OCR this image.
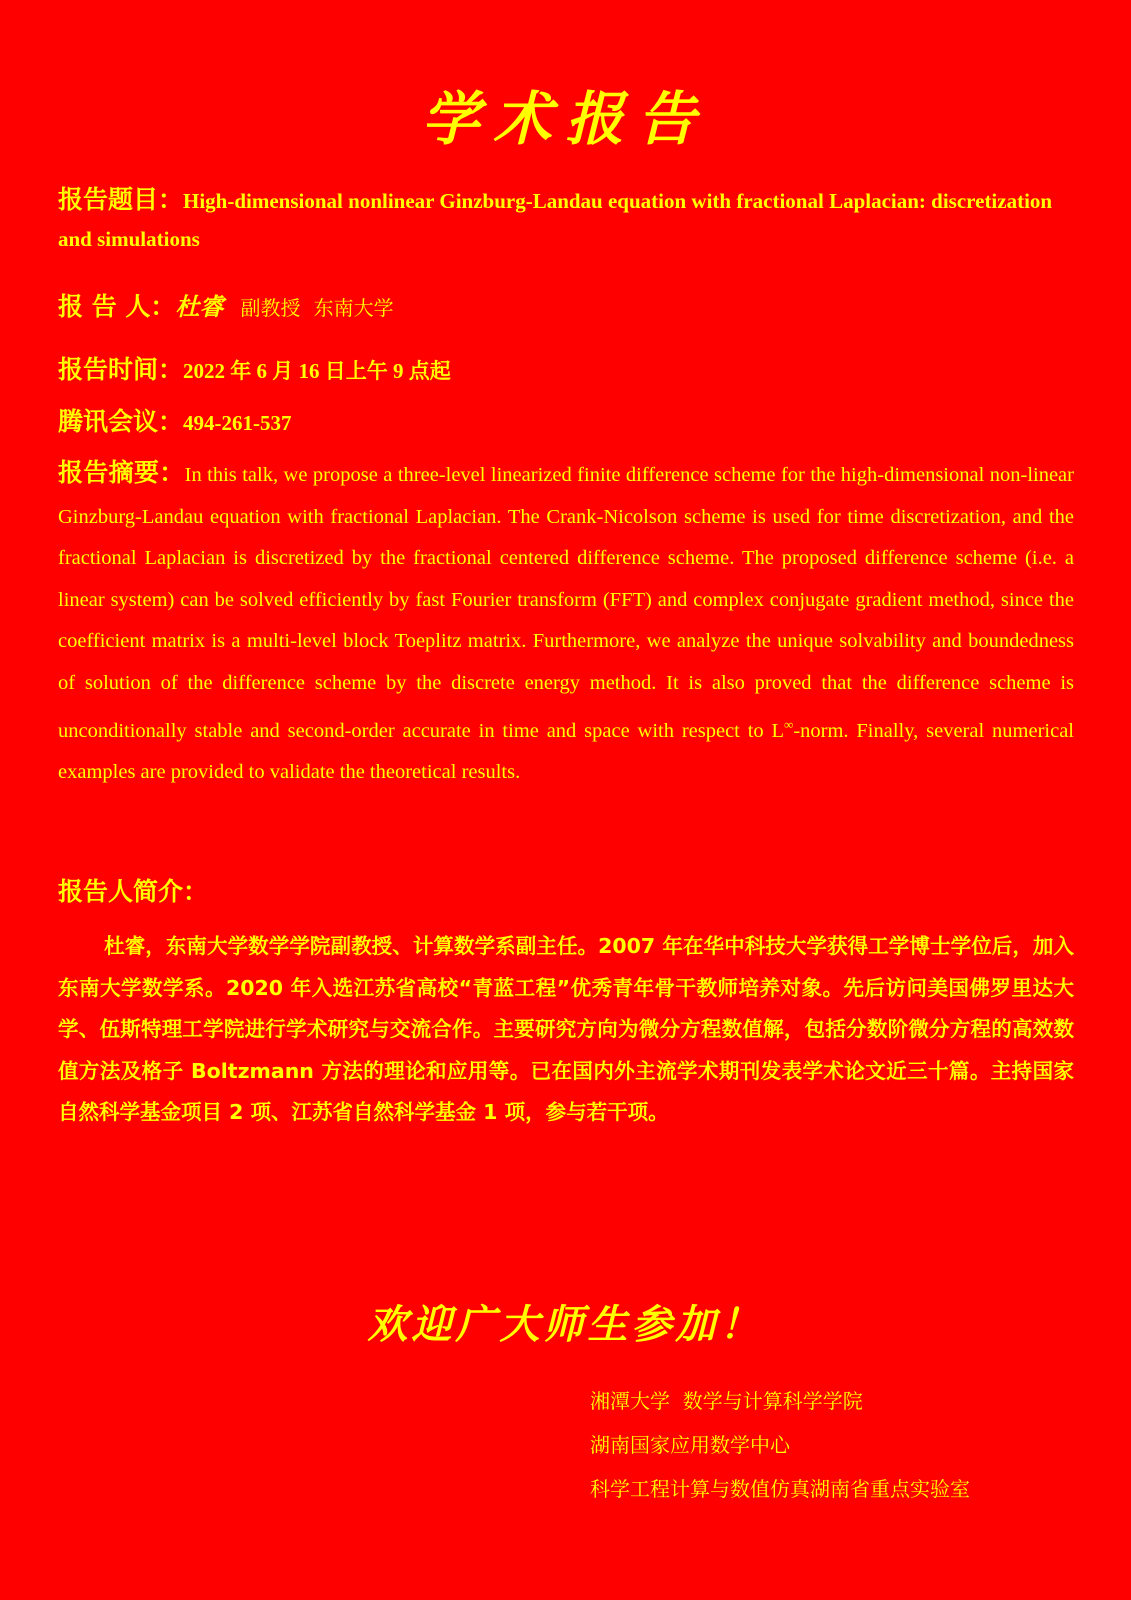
学术报告
报告题目：High-dimensional nonlinear Ginzburg-Landau equation with fractional Laplacian: discretization and simulations
报 告 人：杜睿 副教授 东南大学
报告时间：2022 年 6 月 16 日上午 9 点起
腾讯会议：494-261-537
报告摘要：In this talk, we propose a three-level linearized finite difference scheme for the high-dimensional non-linear Ginzburg-Landau equation with fractional Laplacian. The Crank-Nicolson scheme is used for time discretization, and the fractional Laplacian is discretized by the fractional centered difference scheme. The proposed difference scheme (i.e. a linear system) can be solved efficiently by fast Fourier transform (FFT) and complex conjugate gradient method, since the coefficient matrix is a multi-level block Toeplitz matrix. Furthermore, we analyze the unique solvability and boundedness of solution of the difference scheme by the discrete energy method. It is also proved that the difference scheme is unconditionally stable and second-order accurate in time and space with respect to L∞-norm. Finally, several numerical examples are provided to validate the theoretical results.
报告人简介：
杜睿，东南大学数学学院副教授、计算数学系副主任。2007 年在华中科技大学获得工学博士学位后，加入东南大学数学系。2020 年入选江苏省高校“青蓝工程”优秀青年骨干教师培养对象。先后访问美国佛罗里达大学、伍斯特理工学院进行学术研究与交流合作。主要研究方向为微分方程数值解，包括分数阶微分方程的高效数值方法及格子 Boltzmann 方法的理论和应用等。已在国内外主流学术期刊发表学术论文近三十篇。主持国家自然科学基金项目 2 项、江苏省自然科学基金 1 项，参与若干项。
欢迎广大师生参加！
湘潭大学  数学与计算科学学院
湖南国家应用数学中心
科学工程计算与数值仿真湖南省重点实验室
